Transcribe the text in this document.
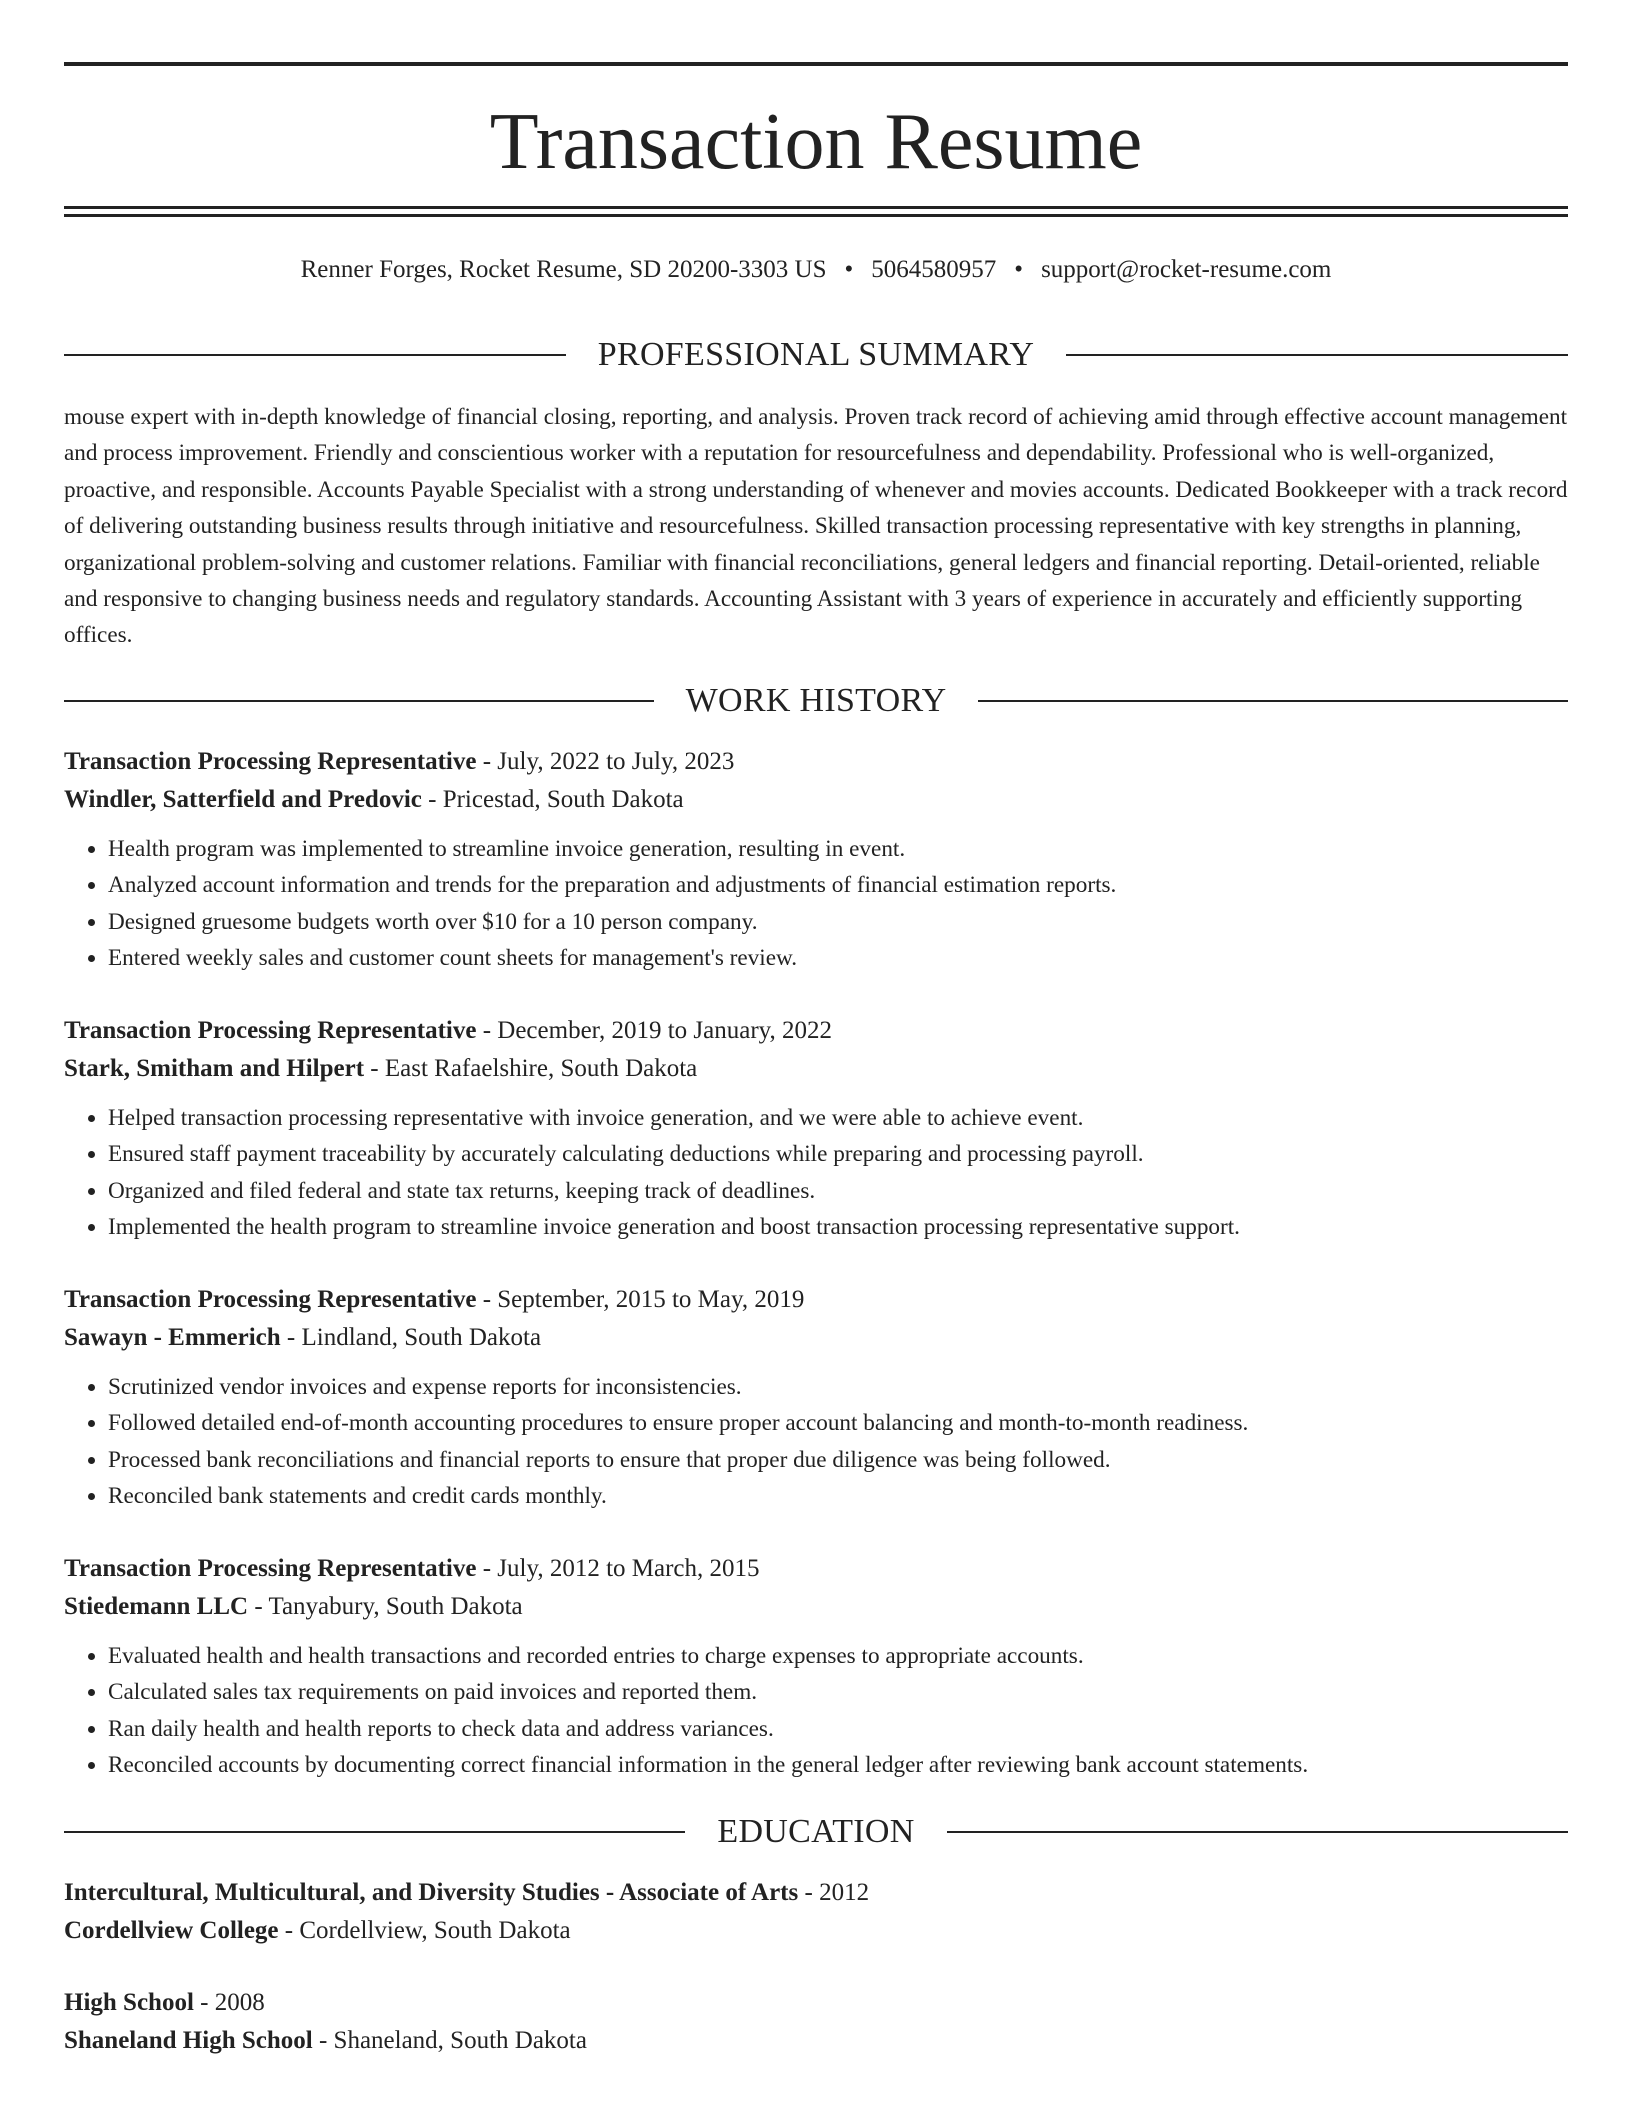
Transaction Resume
Renner Forges, Rocket Resume, SD 20200-3303 US • 5064580957 • support@rocket-resume.com
PROFESSIONAL SUMMARY

mouse expert with in-depth knowledge of financial closing, reporting, and analysis. Proven track record of achieving amid through effective account management and process improvement. Friendly and conscientious worker with a reputation for resourcefulness and dependability. Professional who is well-organized, proactive, and responsible. Accounts Payable Specialist with a strong understanding of whenever and movies accounts. Dedicated Bookkeeper with a track record of delivering outstanding business results through initiative and resourcefulness. Skilled transaction processing representative with key strengths in planning, organizational problem-solving and customer relations. Familiar with financial reconciliations, general ledgers and financial reporting. Detail-oriented, reliable and responsive to changing business needs and regulatory standards. Accounting Assistant with 3 years of experience in accurately and efficiently supporting offices.

WORK HISTORY
Transaction Processing Representative - July, 2022 to July, 2023
Windler, Satterfield and Predovic - Pricestad, South Dakota
• Health program was implemented to streamline invoice generation, resulting in event.
• Analyzed account information and trends for the preparation and adjustments of financial estimation reports.
• Designed gruesome budgets worth over $10 for a 10 person company.
• Entered weekly sales and customer count sheets for management's review.
Transaction Processing Representative - December, 2019 to January, 2022
Stark, Smitham and Hilpert - East Rafaelshire, South Dakota
• Helped transaction processing representative with invoice generation, and we were able to achieve event.
• Ensured staff payment traceability by accurately calculating deductions while preparing and processing payroll.
• Organized and filed federal and state tax returns, keeping track of deadlines.
• Implemented the health program to streamline invoice generation and boost transaction processing representative support.
Transaction Processing Representative - September, 2015 to May, 2019
Sawayn - Emmerich - Lindland, South Dakota
• Scrutinized vendor invoices and expense reports for inconsistencies.
• Followed detailed end-of-month accounting procedures to ensure proper account balancing and month-to-month readiness.
• Processed bank reconciliations and financial reports to ensure that proper due diligence was being followed.
• Reconciled bank statements and credit cards monthly.
Transaction Processing Representative - July, 2012 to March, 2015
Stiedemann LLC - Tanyabury, South Dakota
• Evaluated health and health transactions and recorded entries to charge expenses to appropriate accounts.
• Calculated sales tax requirements on paid invoices and reported them.
• Ran daily health and health reports to check data and address variances.
• Reconciled accounts by documenting correct financial information in the general ledger after reviewing bank account statements.
EDUCATION
Intercultural, Multicultural, and Diversity Studies - Associate of Arts - 2012
Cordellview College - Cordellview, South Dakota
High School - 2008
Shaneland High School - Shaneland, South Dakota
